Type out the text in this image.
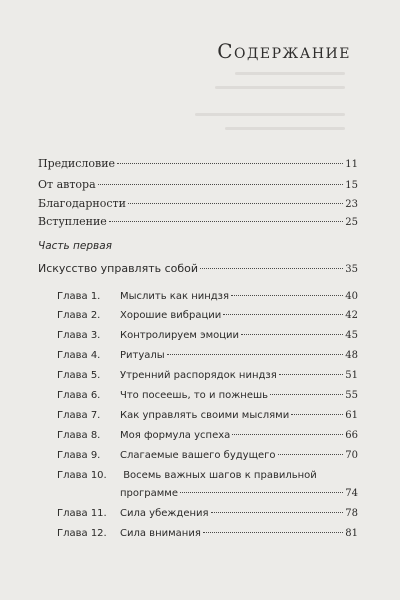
Содержание
Предисловие	11
От автора	15
Благодарности	23
Вступление	25
Часть первая
Искусство управлять собой	35
Глава 1.	Мыслить как ниндзя	40
Глава 2.	Хорошие вибрации	42
Глава 3.	Контролируем эмоции	45
Глава 4.	Ритуалы	48
Глава 5.	Утренний распорядок ниндзя	51
Глава 6.	Что посеешь, то и пожнешь	55
Глава 7.	Как управлять своими мыслями	61
Глава 8.	Моя формула успеха	66
Глава 9.	Слагаемые вашего будущего	70
Глава 10. Восемь важных шагов к правильной
программе	74
Глава 11.	Сила убеждения	78
Глава 12.	Сила внимания	81
